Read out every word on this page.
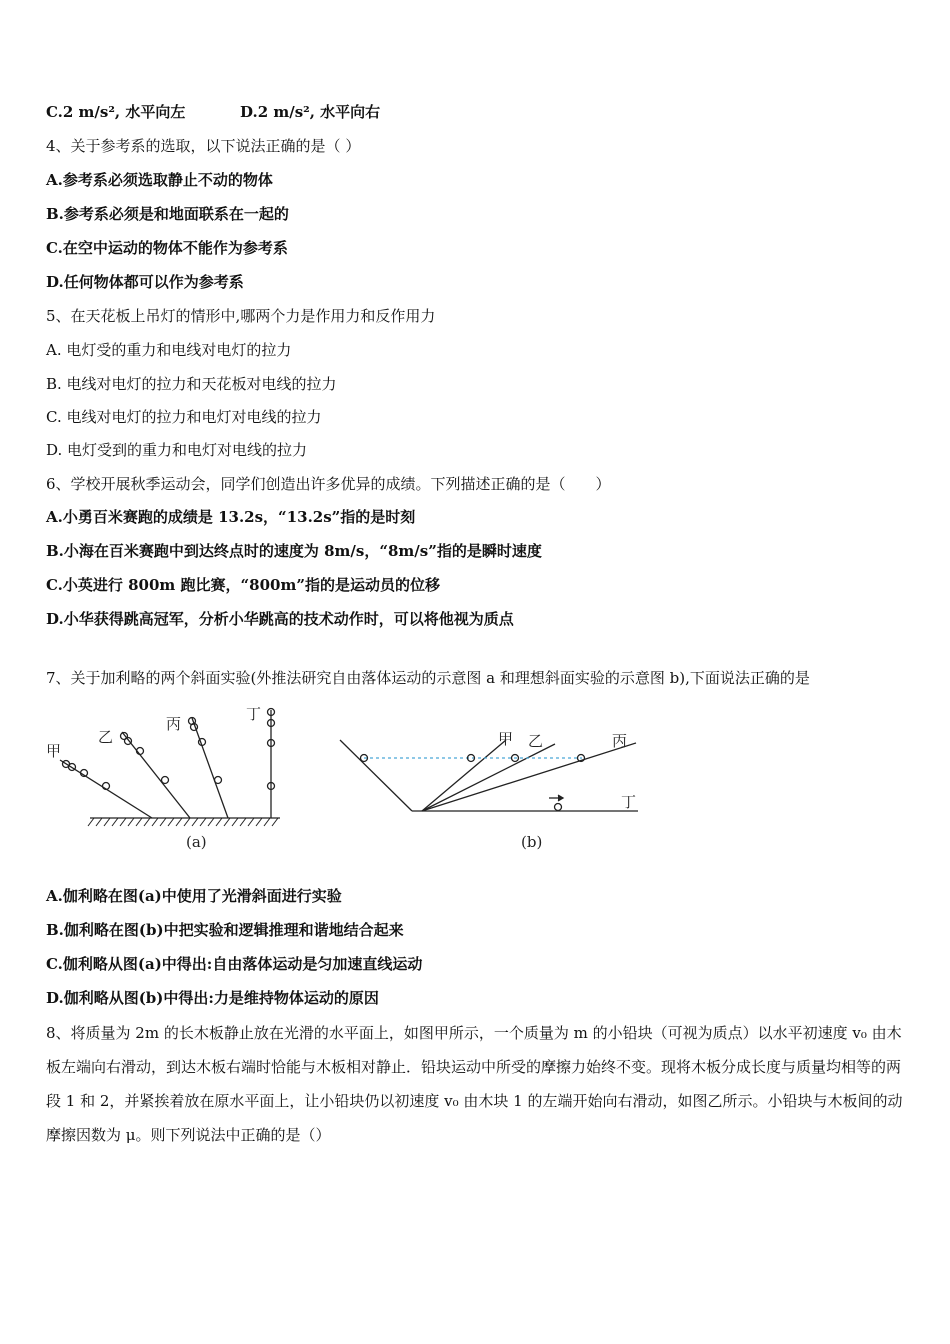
C.2 m/s², 水平向左	D.2 m/s², 水平向右
4、关于参考系的选取，以下说法正确的是（ ）
A.参考系必须选取静止不动的物体
B.参考系必须是和地面联系在一起的
C.在空中运动的物体不能作为参考系
D.任何物体都可以作为参考系
5、在天花板上吊灯的情形中,哪两个力是作用力和反作用力
A. 电灯受的重力和电线对电灯的拉力
B. 电线对电灯的拉力和天花板对电线的拉力
C. 电线对电灯的拉力和电灯对电线的拉力
D. 电灯受到的重力和电灯对电线的拉力
6、学校开展秋季运动会，同学们创造出许多优异的成绩。下列描述正确的是（　　）
A.小勇百米赛跑的成绩是 13.2s，“13.2s”指的是时刻
B.小海在百米赛跑中到达终点时的速度为 8m/s，“8m/s”指的是瞬时速度
C.小英进行 800m 跑比赛，“800m”指的是运动员的位移
D.小华获得跳高冠军，分析小华跳高的技术动作时，可以将他视为质点
7、关于加利略的两个斜面实验(外推法研究自由落体运动的示意图 a 和理想斜面实验的示意图 b),下面说法正确的是
甲
乙
丙
丁
(a)
甲 乙	丙
丁
(b)
A.伽利略在图(a)中使用了光滑斜面进行实验
B.伽利略在图(b)中把实验和逻辑推理和谐地结合起来
C.伽利略从图(a)中得出:自由落体运动是匀加速直线运动
D.伽利略从图(b)中得出:力是维持物体运动的原因
8、将质量为 2m 的长木板静止放在光滑的水平面上，如图甲所示，一个质量为 m 的小铅块（可视为质点）以水平初速度 v₀ 由木板左端向右滑动，到达木板右端时恰能与木板相对静止．铅块运动中所受的摩擦力始终不变。现将木板分成长度与质量均相等的两段 1 和 2，并紧挨着放在原水平面上，让小铅块仍以初速度 v₀ 由木块 1 的左端开始向右滑动，如图乙所示。小铅块与木板间的动摩擦因数为 μ。则下列说法中正确的是（）
